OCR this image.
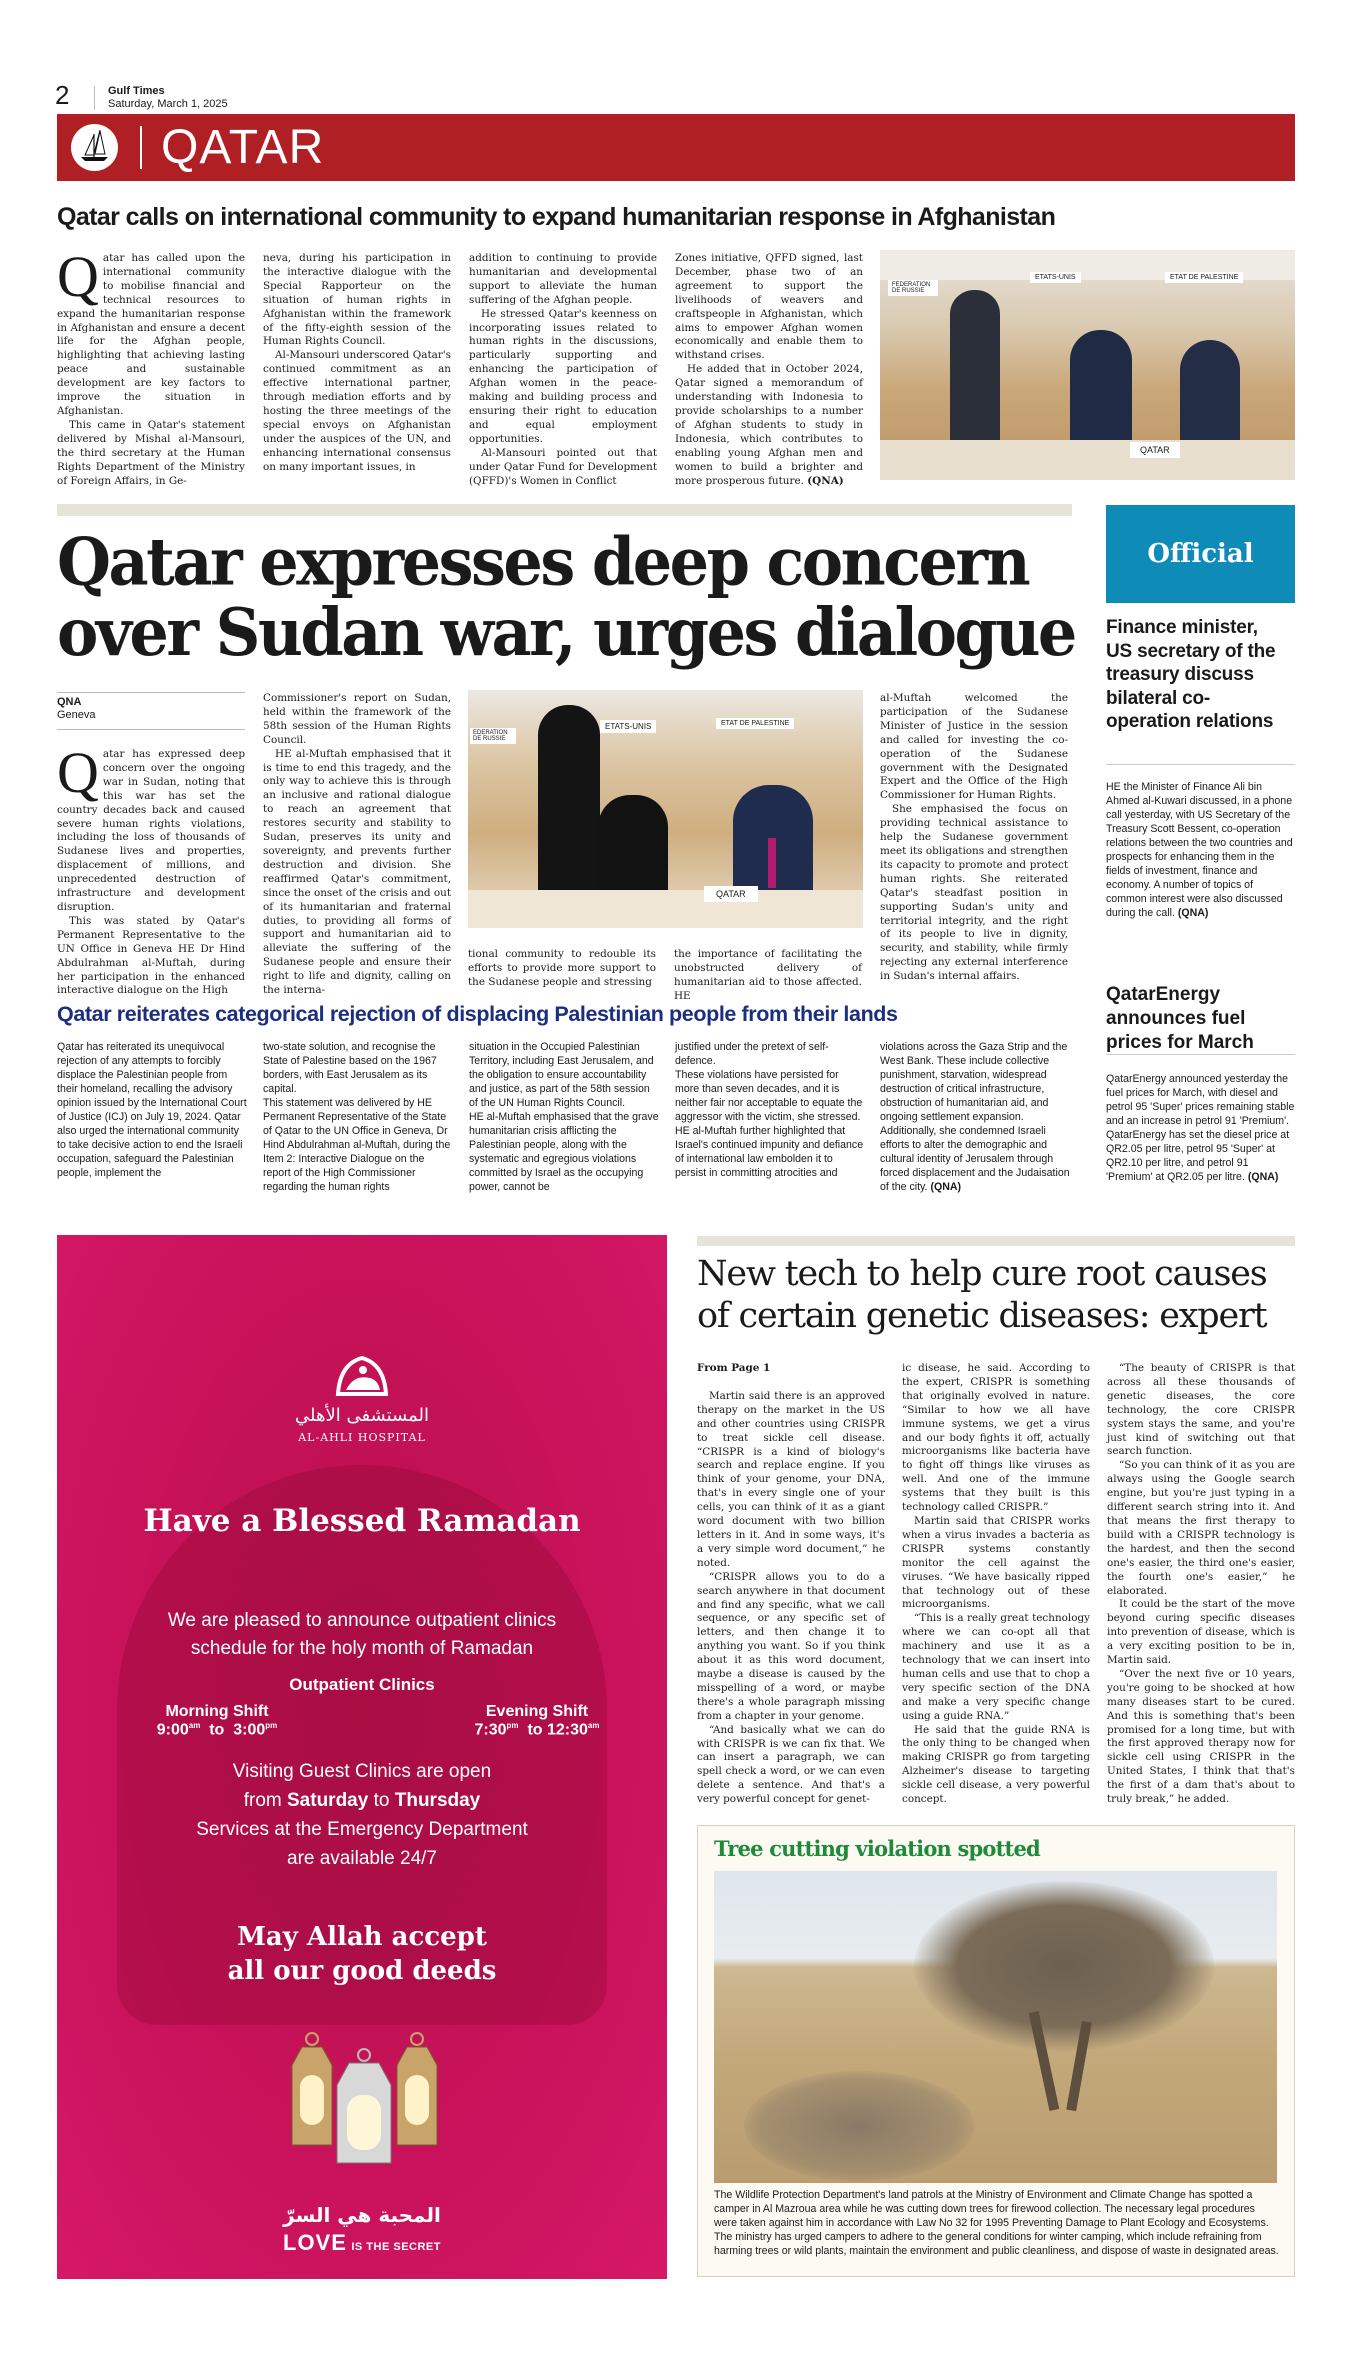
2	Gulf Times
Saturday, March 1, 2025
QATAR
Qatar calls on international community to expand humanitarian response in Afghanistan

Qatar has called upon the international community to mobilise financial and technical resources to expand the humanitarian response in Afghanistan and ensure a decent life for the Afghan people, highlighting that achieving lasting peace and sustainable development are key factors to improve the situation in Afghanistan.

This came in Qatar's statement delivered by Mishal al-Mansouri, the third secretary at the Human Rights Department of the Ministry of Foreign Affairs, in Ge-

neva, during his participation in the interactive dialogue with the Special Rapporteur on the situation of human rights in Afghanistan within the framework of the fifty-eighth session of the Human Rights Council.

Al-Mansouri underscored Qatar's continued commitment as an effective international partner, through mediation efforts and by hosting the three meetings of the special envoys on Afghanistan under the auspices of the UN, and enhancing international consensus on many important issues, in

addition to continuing to provide humanitarian and developmental support to alleviate the human suffering of the Afghan people.

He stressed Qatar's keenness on incorporating issues related to human rights in the discussions, particularly supporting and enhancing the participation of Afghan women in the peace-making and building process and ensuring their right to education and equal employment opportunities.

Al-Mansouri pointed out that under Qatar Fund for Development (QFFD)'s Women in Conflict

Zones initiative, QFFD signed, last December, phase two of an agreement to support the livelihoods of weavers and craftspeople in Afghanistan, which aims to empower Afghan women economically and enable them to withstand crises.

He added that in October 2024, Qatar signed a memorandum of understanding with Indonesia to provide scholarships to a number of Afghan students to study in Indonesia, which contributes to enabling young Afghan men and women to build a brighter and more prosperous future. (QNA)

FEDERATION DE RUSSIE
ETATS-UNIS	ETAT DE PALESTINE
QATAR
Qatar expresses deep concern over Sudan war, urges dialogue
QNA
Geneva

Qatar has expressed deep concern over the ongoing war in Sudan, noting that this war has set the country decades back and caused severe human rights violations, including the loss of thousands of Sudanese lives and properties, displacement of millions, and unprecedented destruction of infrastructure and development disruption.

This was stated by Qatar's Permanent Representative to the UN Office in Geneva HE Dr Hind Abdulrahman al-Muftah, during her participation in the enhanced interactive dialogue on the High

Commissioner's report on Sudan, held within the framework of the 58th session of the Human Rights Council.

HE al-Muftah emphasised that it is time to end this tragedy, and the only way to achieve this is through an inclusive and rational dialogue to reach an agreement that restores security and stability to Sudan, preserves its unity and sovereignty, and prevents further destruction and division. She reaffirmed Qatar's commitment, since the onset of the crisis and out of its humanitarian and fraternal duties, to providing all forms of support and humanitarian aid to alleviate the suffering of the Sudanese people and ensure their right to life and dignity, calling on the interna-

EDERATION DE RUSSIE
ETATS-UNIS	ETAT DE PALESTINE
QATAR

tional community to redouble its efforts to provide more support to the Sudanese people and stressing

the importance of facilitating the unobstructed delivery of humanitarian aid to those affected. HE

al-Muftah welcomed the participation of the Sudanese Minister of Justice in the session and called for investing the co-operation of the Sudanese government with the Designated Expert and the Office of the High Commissioner for Human Rights.

She emphasised the focus on providing technical assistance to help the Sudanese government meet its obligations and strengthen its capacity to promote and protect human rights. She reiterated Qatar's steadfast position in supporting Sudan's unity and territorial integrity, and the right of its people to live in dignity, security, and stability, while firmly rejecting any external interference in Sudan's internal affairs.

Official
Finance minister, US secretary of the treasury discuss bilateral co-operation relations
HE the Minister of Finance Ali bin Ahmed al-Kuwari discussed, in a phone call yesterday, with US Secretary of the Treasury Scott Bessent, co-operation relations between the two countries and prospects for enhancing them in the fields of investment, finance and economy. A number of topics of common interest were also discussed during the call. (QNA)
QatarEnergy announces fuel prices for March
QatarEnergy announced yesterday the fuel prices for March, with diesel and petrol 95 'Super' prices remaining stable and an increase in petrol 91 'Premium'. QatarEnergy has set the diesel price at QR2.05 per litre, petrol 95 'Super' at QR2.10 per litre, and petrol 91 'Premium' at QR2.05 per litre. (QNA)
Qatar reiterates categorical rejection of displacing Palestinian people from their lands
Qatar has reiterated its unequivocal rejection of any attempts to forcibly displace the Palestinian people from their homeland, recalling the advisory opinion issued by the International Court of Justice (ICJ) on July 19, 2024. Qatar also urged the international community to take decisive action to end the Israeli occupation, safeguard the Palestinian people, implement the
two-state solution, and recognise the State of Palestine based on the 1967 borders, with East Jerusalem as its capital.
This statement was delivered by HE Permanent Representative of the State of Qatar to the UN Office in Geneva, Dr Hind Abdulrahman al-Muftah, during the Item 2: Interactive Dialogue on the report of the High Commissioner regarding the human rights
situation in the Occupied Palestinian Territory, including East Jerusalem, and the obligation to ensure accountability and justice, as part of the 58th session of the UN Human Rights Council.
HE al-Muftah emphasised that the grave humanitarian crisis afflicting the Palestinian people, along with the systematic and egregious violations committed by Israel as the occupying power, cannot be
justified under the pretext of self-defence.
These violations have persisted for more than seven decades, and it is neither fair nor acceptable to equate the aggressor with the victim, she stressed.
HE al-Muftah further highlighted that Israel's continued impunity and defiance of international law embolden it to persist in committing atrocities and
violations across the Gaza Strip and the West Bank. These include collective punishment, starvation, widespread destruction of critical infrastructure, obstruction of humanitarian aid, and ongoing settlement expansion.
Additionally, she condemned Israeli efforts to alter the demographic and cultural identity of Jerusalem through forced displacement and the Judaisation of the city. (QNA)
المستشفى الأهلي
AL-AHLI HOSPITAL
Have a Blessed Ramadan
We are pleased to announce outpatient clinics schedule for the holy month of Ramadan
Outpatient Clinics
Morning Shift
$9:00^{am}$ to $3:00^{pm}$
Evening Shift
$7:30^{pm}$ to $12:30^{am}$
Visiting Guest Clinics are open
from Saturday to Thursday
Services at the Emergency Department
are available 24/7
May Allah accept
all our good deeds
المحبة هي السرّ
LOVE IS THE SECRET
New tech to help cure root causes of certain genetic diseases: expert
From Page 1

Martin said there is an approved therapy on the market in the US and other countries using CRISPR to treat sickle cell disease. “CRISPR is a kind of biology's search and replace engine. If you think of your genome, your DNA, that's in every single one of your cells, you can think of it as a giant word document with two billion letters in it. And in some ways, it's a very simple word document,” he noted.

“CRISPR allows you to do a search anywhere in that document and find any specific, what we call sequence, or any specific set of letters, and then change it to anything you want. So if you think about it as this word document, maybe a disease is caused by the misspelling of a word, or maybe there's a whole paragraph missing from a chapter in your genome.

“And basically what we can do with CRISPR is we can fix that. We can insert a paragraph, we can spell check a word, or we can even delete a sentence. And that's a very powerful concept for genet-

ic disease, he said. According to the expert, CRISPR is something that originally evolved in nature. “Similar to how we all have immune systems, we get a virus and our body fights it off, actually microorganisms like bacteria have to fight off things like viruses as well. And one of the immune systems that they built is this technology called CRISPR.”

Martin said that CRISPR works when a virus invades a bacteria as CRISPR systems constantly monitor the cell against the viruses. “We have basically ripped that technology out of these microorganisms.

“This is a really great technology where we can co-opt all that machinery and use it as a technology that we can insert into human cells and use that to chop a very specific section of the DNA and make a very specific change using a guide RNA.”

He said that the guide RNA is the only thing to be changed when making CRISPR go from targeting Alzheimer's disease to targeting sickle cell disease, a very powerful concept.

“The beauty of CRISPR is that across all these thousands of genetic diseases, the core technology, the core CRISPR system stays the same, and you're just kind of switching out that search function.

“So you can think of it as you are always using the Google search engine, but you're just typing in a different search string into it. And that means the first therapy to build with a CRISPR technology is the hardest, and then the second one's easier, the third one's easier, the fourth one's easier,” he elaborated.

It could be the start of the move beyond curing specific diseases into prevention of disease, which is a very exciting position to be in, Martin said.

“Over the next five or 10 years, you're going to be shocked at how many diseases start to be cured. And this is something that's been promised for a long time, but with the first approved therapy now for sickle cell using CRISPR in the United States, I think that that's the first of a dam that's about to truly break,” he added.

Tree cutting violation spotted
The Wildlife Protection Department's land patrols at the Ministry of Environment and Climate Change has spotted a camper in Al Mazroua area while he was cutting down trees for firewood collection. The necessary legal procedures were taken against him in accordance with Law No 32 for 1995 Preventing Damage to Plant Ecology and Ecosystems. The ministry has urged campers to adhere to the general conditions for winter camping, which include refraining from harming trees or wild plants, maintain the environment and public cleanliness, and dispose of waste in designated areas.
